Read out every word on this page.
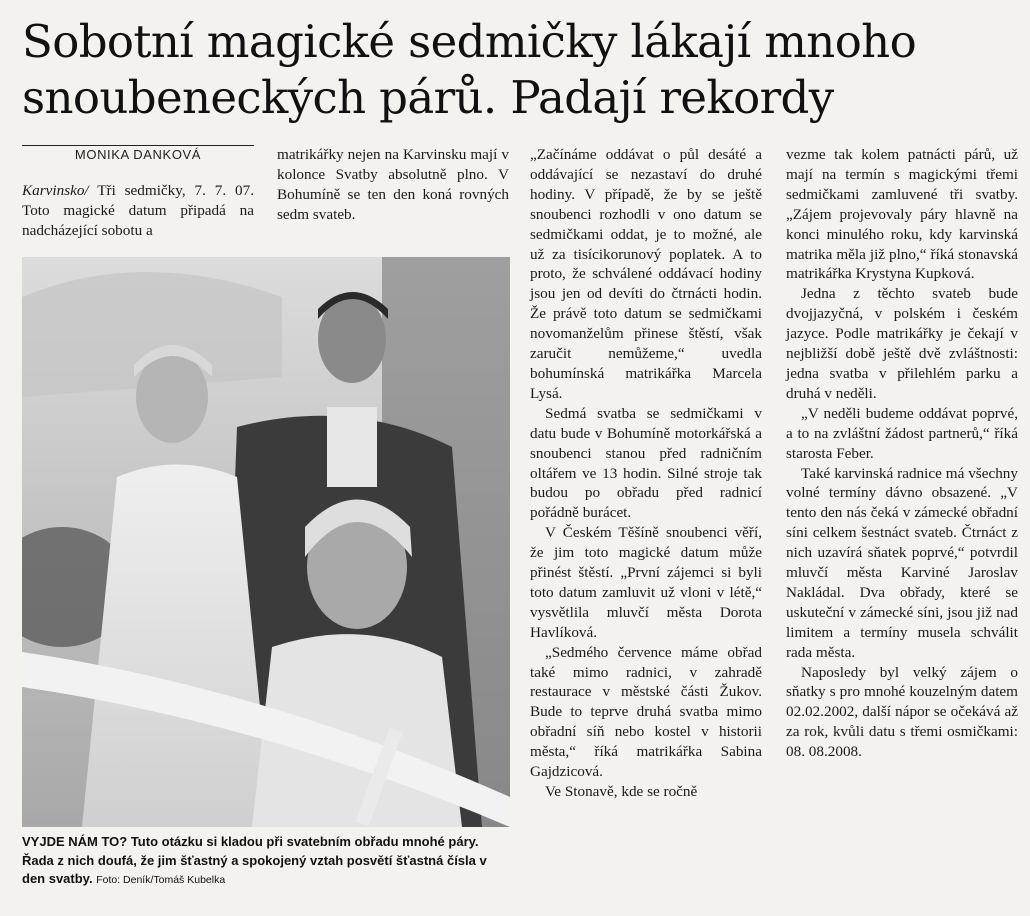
Sobotní magické sedmičky lákají mnoho
snoubeneckých párů. Padají rekordy
MONIKA DANKOVÁ

Karvinsko/ Tři sedmičky, 7. 7. 07. Toto magické datum připadá na nadcházející sobotu a

matrikářky nejen na Karvinsku mají v koloncе Svatby absolutně plno. V Bohumíně se ten den koná rovných sedm svateb.

VYJDE NÁM TO? Tuto otázku si kladou při svatebním obřadu mnohé páry. Řada z nich doufá, že jim šťastný a spokojený vztah posvětí šťastná čísla v den svatby. Foto: Deník/Tomáš Kubelka

„Začínáme oddávat o půl desáté a oddávající se nezastaví do druhé hodiny. V případě, že by se ještě snoubenci rozhodli v ono datum se sedmičkami oddat, je to možné, ale už za tisícikorunový poplatek. A to proto, že schválené oddávací hodiny jsou jen od devíti do čtrnácti hodin. Že právě toto datum se sedmičkami novomanželům přinese štěstí, však zaručit nemůžeme,“ uvedla bohumínská matrikářka Marcela Lysá.

Sedmá svatba se sedmičkami v datu bude v Bohumíně motorkářská a snoubenci stanou před radničním oltářem ve 13 hodin. Silné stroje tak budou po obřadu před radnicí pořádně burácet.

V Českém Těšíně snoubenci věří, že jim toto magické datum může přinést štěstí. „První zájemci si byli toto datum zamluvit už vloni v létě,“ vysvětlila mluvčí města Dorota Havlíková.

„Sedmého července máme obřad také mimo radnici, v zahradě restaurace v městské části Žukov. Bude to teprve druhá svatba mimo obřadní síň nebo kostel v historii města,“ říká matrikářka Sabina Gajdzicová.

Ve Stonavě, kde se ročně

vezme tak kolem patnácti párů, už mají na termín s magickými třemi sedmičkami zamluvené tři svatby. „Zájem projevovaly páry hlavně na konci minulého roku, kdy karvinská matrika měla již plno,“ říká stonavská matrikářka Krystyna Kupková.

Jedna z těchto svateb bude dvojjazyčná, v polském i českém jazyce. Podle matrikářky je čekají v nejbližší době ještě dvě zvláštnosti: jedna svatba v přilehlém parku a druhá v neděli.

„V neděli budeme oddávat poprvé, a to na zvláštní žádost partnerů,“ říká starosta Feber.

Také karvinská radnice má všechny volné termíny dávno obsazené. „V tento den nás čeká v zámecké obřadní síni celkem šestnáct svateb. Čtrnáct z nich uzavírá sňatek poprvé,“ potvrdil mluvčí města Karviné Jaroslav Nakládal. Dva obřady, které se uskuteční v zámecké síni, jsou již nad limitem a termíny musela schválit rada města.

Naposledy byl velký zájem o sňatky s pro mnohé kouzelným datem 02.02.2002, další nápor se očekává až za rok, kvůli datu s třemi osmičkami: 08. 08.2008.
